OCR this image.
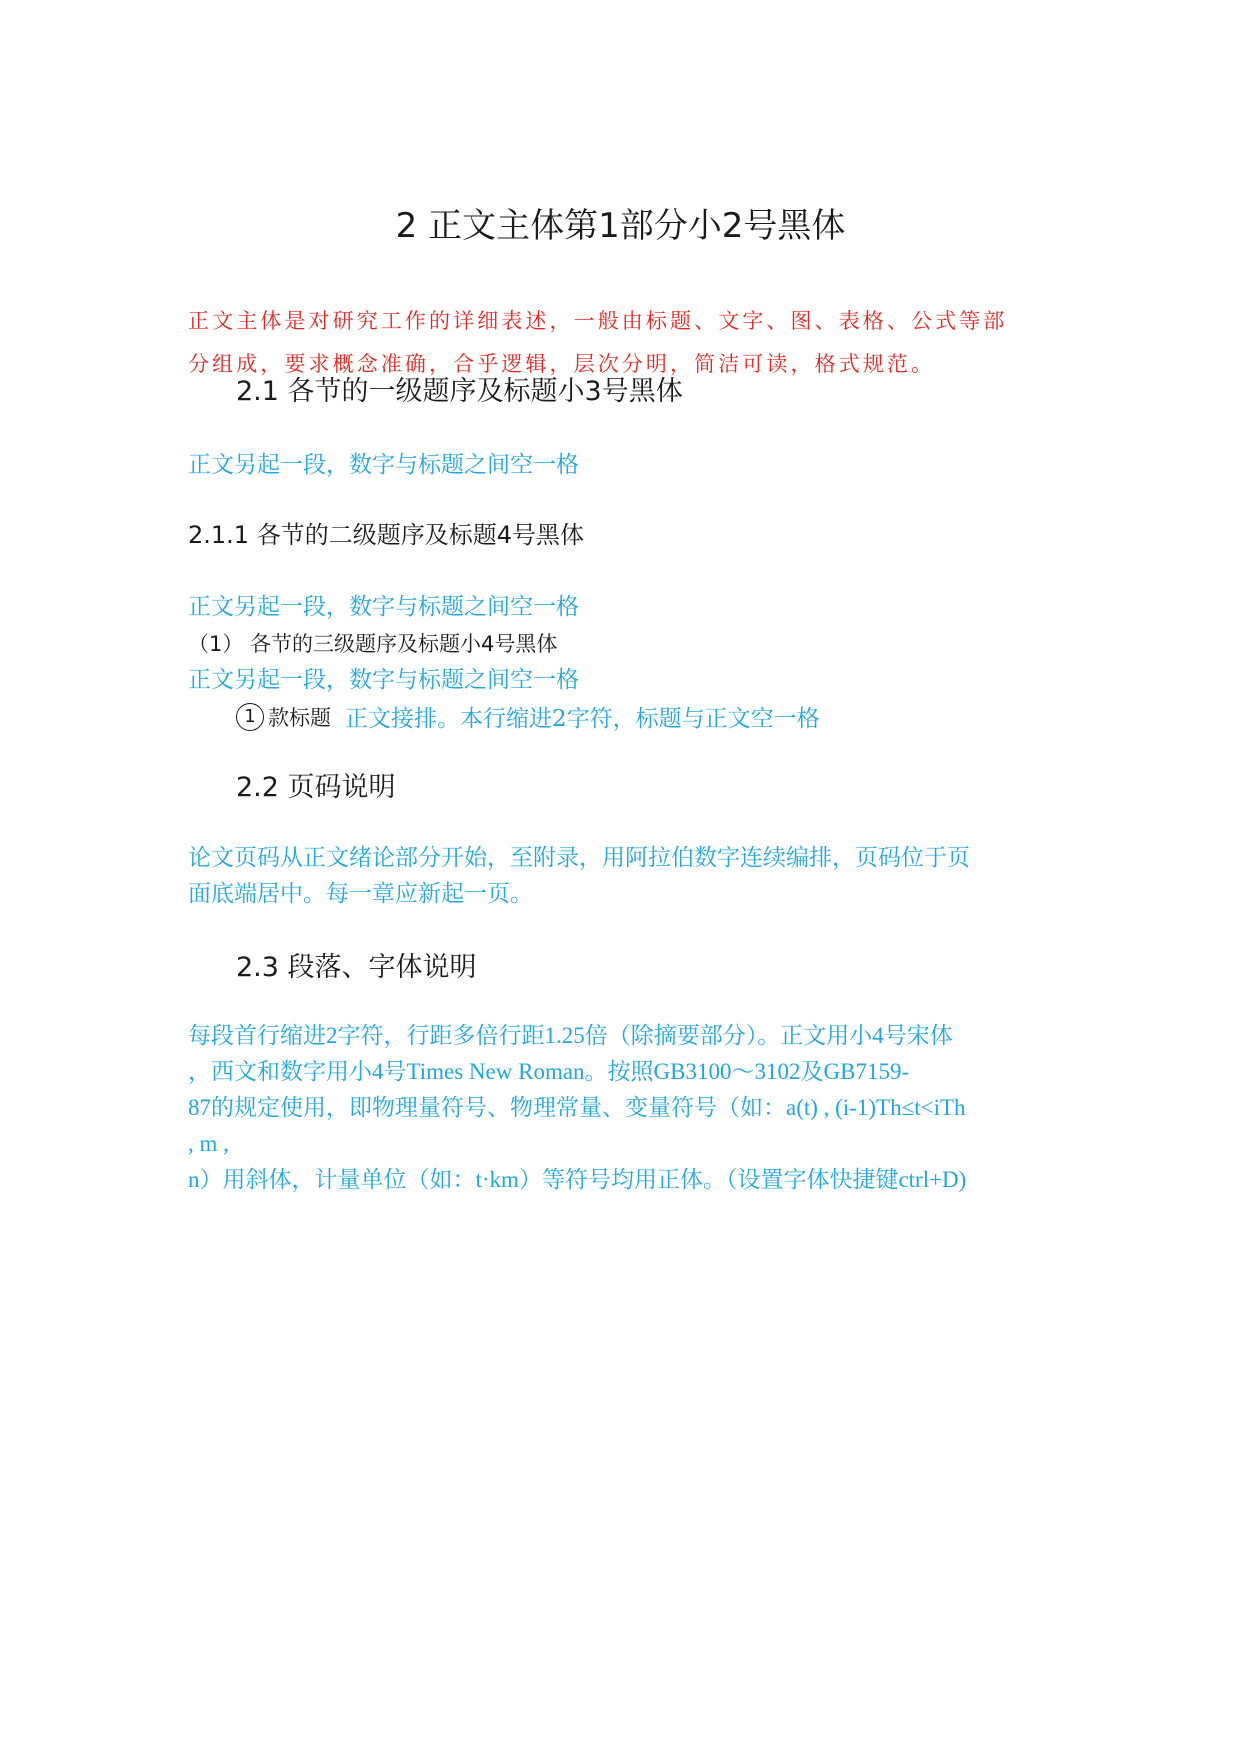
2 正文主体第1部分小2号黑体
正文主体是对研究工作的详细表述，一般由标题、文字、图、表格、公式等部
分组成，要求概念准确，合乎逻辑，层次分明，简洁可读，格式规范。
2.1 各节的一级题序及标题小3号黑体
正文另起一段，数字与标题之间空一格
2.1.1 各节的二级题序及标题4号黑体
正文另起一段，数字与标题之间空一格
（1） 各节的三级题序及标题小4号黑体
正文另起一段，数字与标题之间空一格
1 款标题 正文接排。本行缩进2字符，标题与正文空一格
2.2 页码说明
论文页码从正文绪论部分开始，至附录，用阿拉伯数字连续编排，页码位于页
面底端居中。每一章应新起一页。
2.3 段落、字体说明
每段首行缩进2字符，行距多倍行距1.25倍（除摘要部分）。正文用小4号宋体
，西文和数字用小4号Times New Roman。按照GB3100～3102及GB7159-
87的规定使用，即物理量符号、物理常量、变量符号（如：a(t) , (i-1)Th≤t<iTh
, m ,
n）用斜体，计量单位（如：t·km）等符号均用正体。（设置字体快捷键ctrl+D)
